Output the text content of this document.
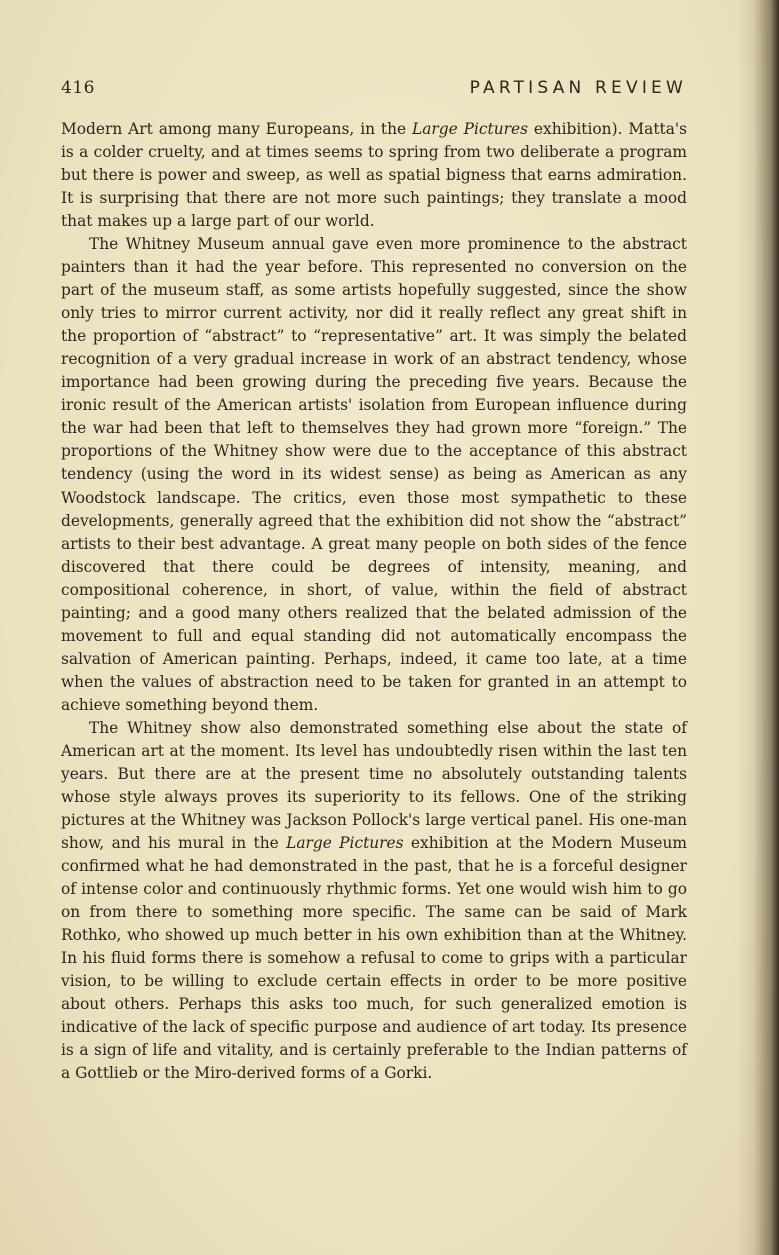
416	PARTISAN REVIEW

Modern Art among many Europeans, in the Large Pictures exhibition). Matta's is a colder cruelty, and at times seems to spring from two deliberate a program but there is power and sweep, as well as spatial bigness that earns admiration. It is surprising that there are not more such paintings; they translate a mood that makes up a large part of our world.

The Whitney Museum annual gave even more prominence to the abstract painters than it had the year before. This represented no conversion on the part of the museum staff, as some artists hopefully suggested, since the show only tries to mirror current activity, nor did it really reflect any great shift in the proportion of “abstract” to “representative” art. It was simply the belated recognition of a very gradual increase in work of an abstract tendency, whose importance had been growing during the preceding five years. Because the ironic result of the American artists' isolation from European influence during the war had been that left to themselves they had grown more “foreign.” The proportions of the Whitney show were due to the acceptance of this abstract tendency (using the word in its widest sense) as being as American as any Woodstock landscape. The critics, even those most sympathetic to these developments, generally agreed that the exhibition did not show the “abstract” artists to their best advantage. A great many people on both sides of the fence discovered that there could be degrees of intensity, meaning, and compositional coherence, in short, of value, within the field of abstract painting; and a good many others realized that the belated admission of the movement to full and equal standing did not automatically encompass the salvation of American painting. Perhaps, indeed, it came too late, at a time when the values of abstraction need to be taken for granted in an attempt to achieve something beyond them.

The Whitney show also demonstrated something else about the state of American art at the moment. Its level has undoubtedly risen within the last ten years. But there are at the present time no absolutely outstanding talents whose style always proves its superiority to its fellows. One of the striking pictures at the Whitney was Jackson Pollock's large vertical panel. His one-man show, and his mural in the Large Pictures exhibition at the Modern Museum confirmed what he had demonstrated in the past, that he is a forceful designer of intense color and continuously rhythmic forms. Yet one would wish him to go on from there to something more specific. The same can be said of Mark Rothko, who showed up much better in his own exhibition than at the Whitney. In his fluid forms there is somehow a refusal to come to grips with a particular vision, to be willing to exclude certain effects in order to be more positive about others. Perhaps this asks too much, for such generalized emotion is indicative of the lack of specific purpose and audience of art today. Its presence is a sign of life and vitality, and is certainly preferable to the Indian patterns of a Gottlieb or the Miro-derived forms of a Gorki.
